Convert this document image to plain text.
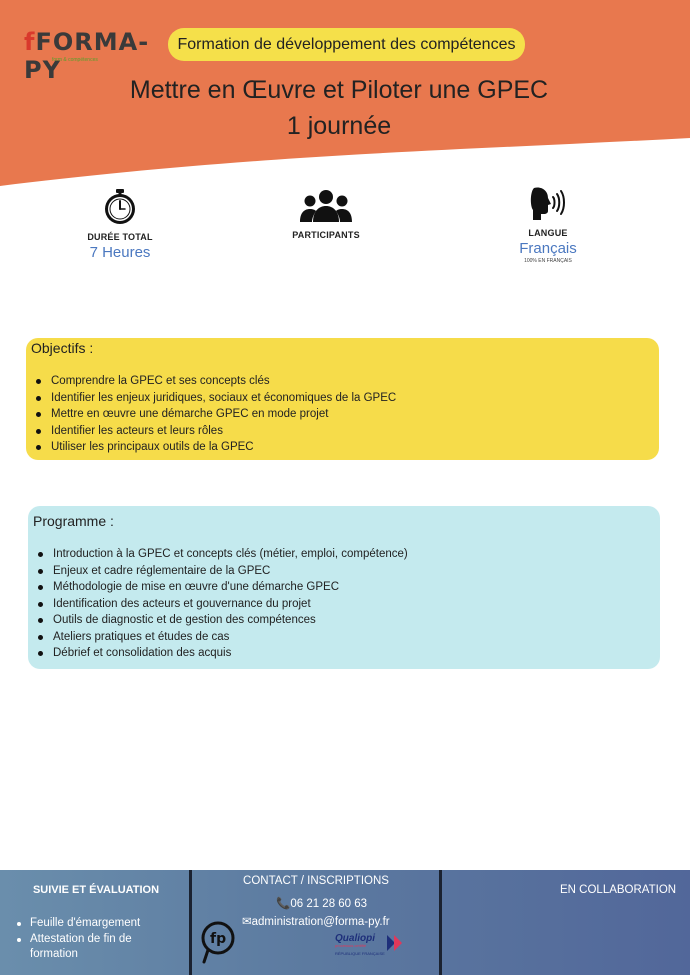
fFORMA-PY
form & compétences
Formation de développement des compétences
Mettre en Œuvre et Piloter une GPEC
1 journée
DURÉE TOTAL
7 Heures
PARTICIPANTS	LANGUE
Français
100% EN FRANÇAIS
Objectifs :
Comprendre la GPEC et ses concepts clés
Identifier les enjeux juridiques, sociaux et économiques de la GPEC
Mettre en œuvre une démarche GPEC en mode projet
Identifier les acteurs et leurs rôles
Utiliser les principaux outils de la GPEC
Programme :
Introduction à la GPEC et concepts clés (métier, emploi, compétence)
Enjeux et cadre réglementaire de la GPEC
Méthodologie de mise en œuvre d'une démarche GPEC
Identification des acteurs et gouvernance du projet
Outils de diagnostic et de gestion des compétences
Ateliers pratiques et études de cas
Débrief et consolidation des acquis
SUIVIE ET ÉVALUATION
Feuille d'émargement
Attestation de fin de formation
CONTACT / INSCRIPTIONS
📞06 21 28 60 63
✉administration@forma-py.fr
fp	Qualiopi
processus certifié
RÉPUBLIQUE FRANÇAISE
EN COLLABORATION
